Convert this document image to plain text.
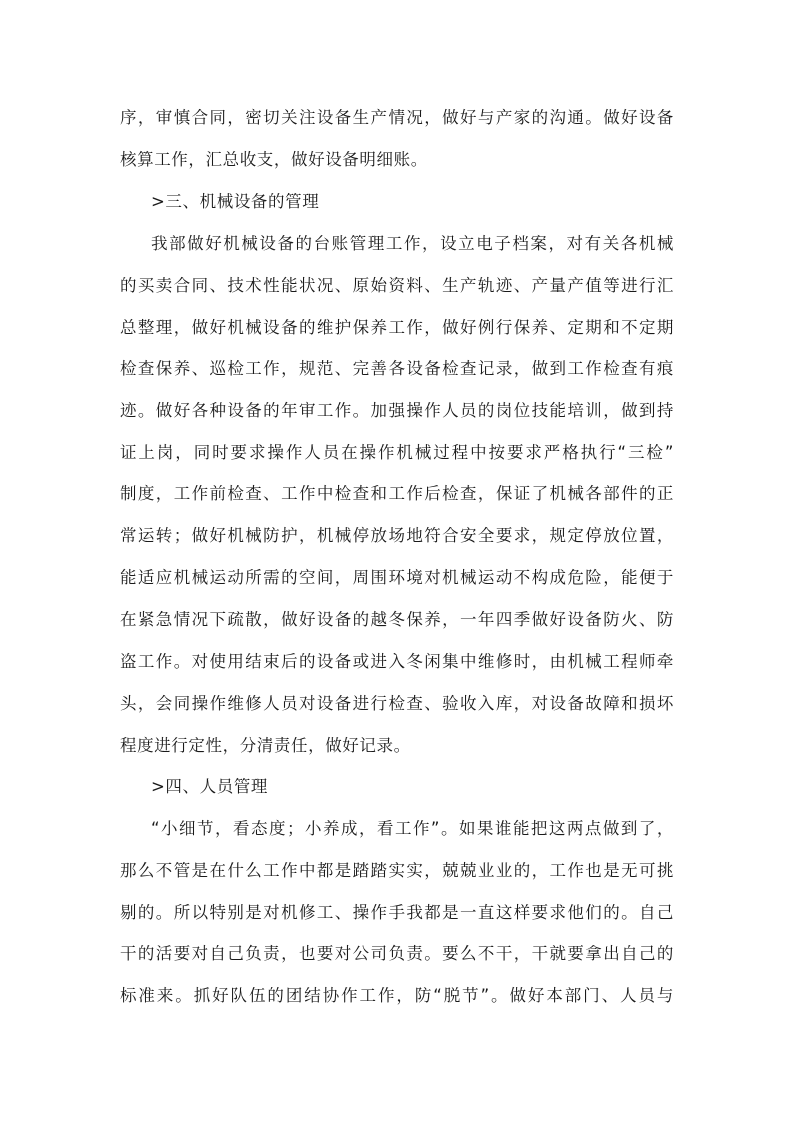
序，审慎合同，密切关注设备生产情况，做好与产家的沟通。做好设备
核算工作，汇总收支，做好设备明细账。
>三、机械设备的管理
我部做好机械设备的台账管理工作，设立电子档案，对有关各机械
的买卖合同、技术性能状况、原始资料、生产轨迹、产量产值等进行汇
总整理，做好机械设备的维护保养工作，做好例行保养、定期和不定期
检查保养、巡检工作，规范、完善各设备检查记录，做到工作检查有痕
迹。做好各种设备的年审工作。加强操作人员的岗位技能培训，做到持
证上岗，同时要求操作人员在操作机械过程中按要求严格执行“三检”
制度，工作前检查、工作中检查和工作后检查，保证了机械各部件的正
常运转；做好机械防护，机械停放场地符合安全要求，规定停放位置，
能适应机械运动所需的空间，周围环境对机械运动不构成危险，能便于
在紧急情况下疏散，做好设备的越冬保养，一年四季做好设备防火、防
盗工作。对使用结束后的设备或进入冬闲集中维修时，由机械工程师牵
头，会同操作维修人员对设备进行检查、验收入库，对设备故障和损坏
程度进行定性，分清责任，做好记录。
>四、人员管理
“小细节，看态度；小养成，看工作”。如果谁能把这两点做到了，
那么不管是在什么工作中都是踏踏实实，兢兢业业的，工作也是无可挑
剔的。所以特别是对机修工、操作手我都是一直这样要求他们的。自己
干的活要对自己负责，也要对公司负责。要么不干，干就要拿出自己的
标准来。抓好队伍的团结协作工作，防“脱节”。做好本部门、人员与
